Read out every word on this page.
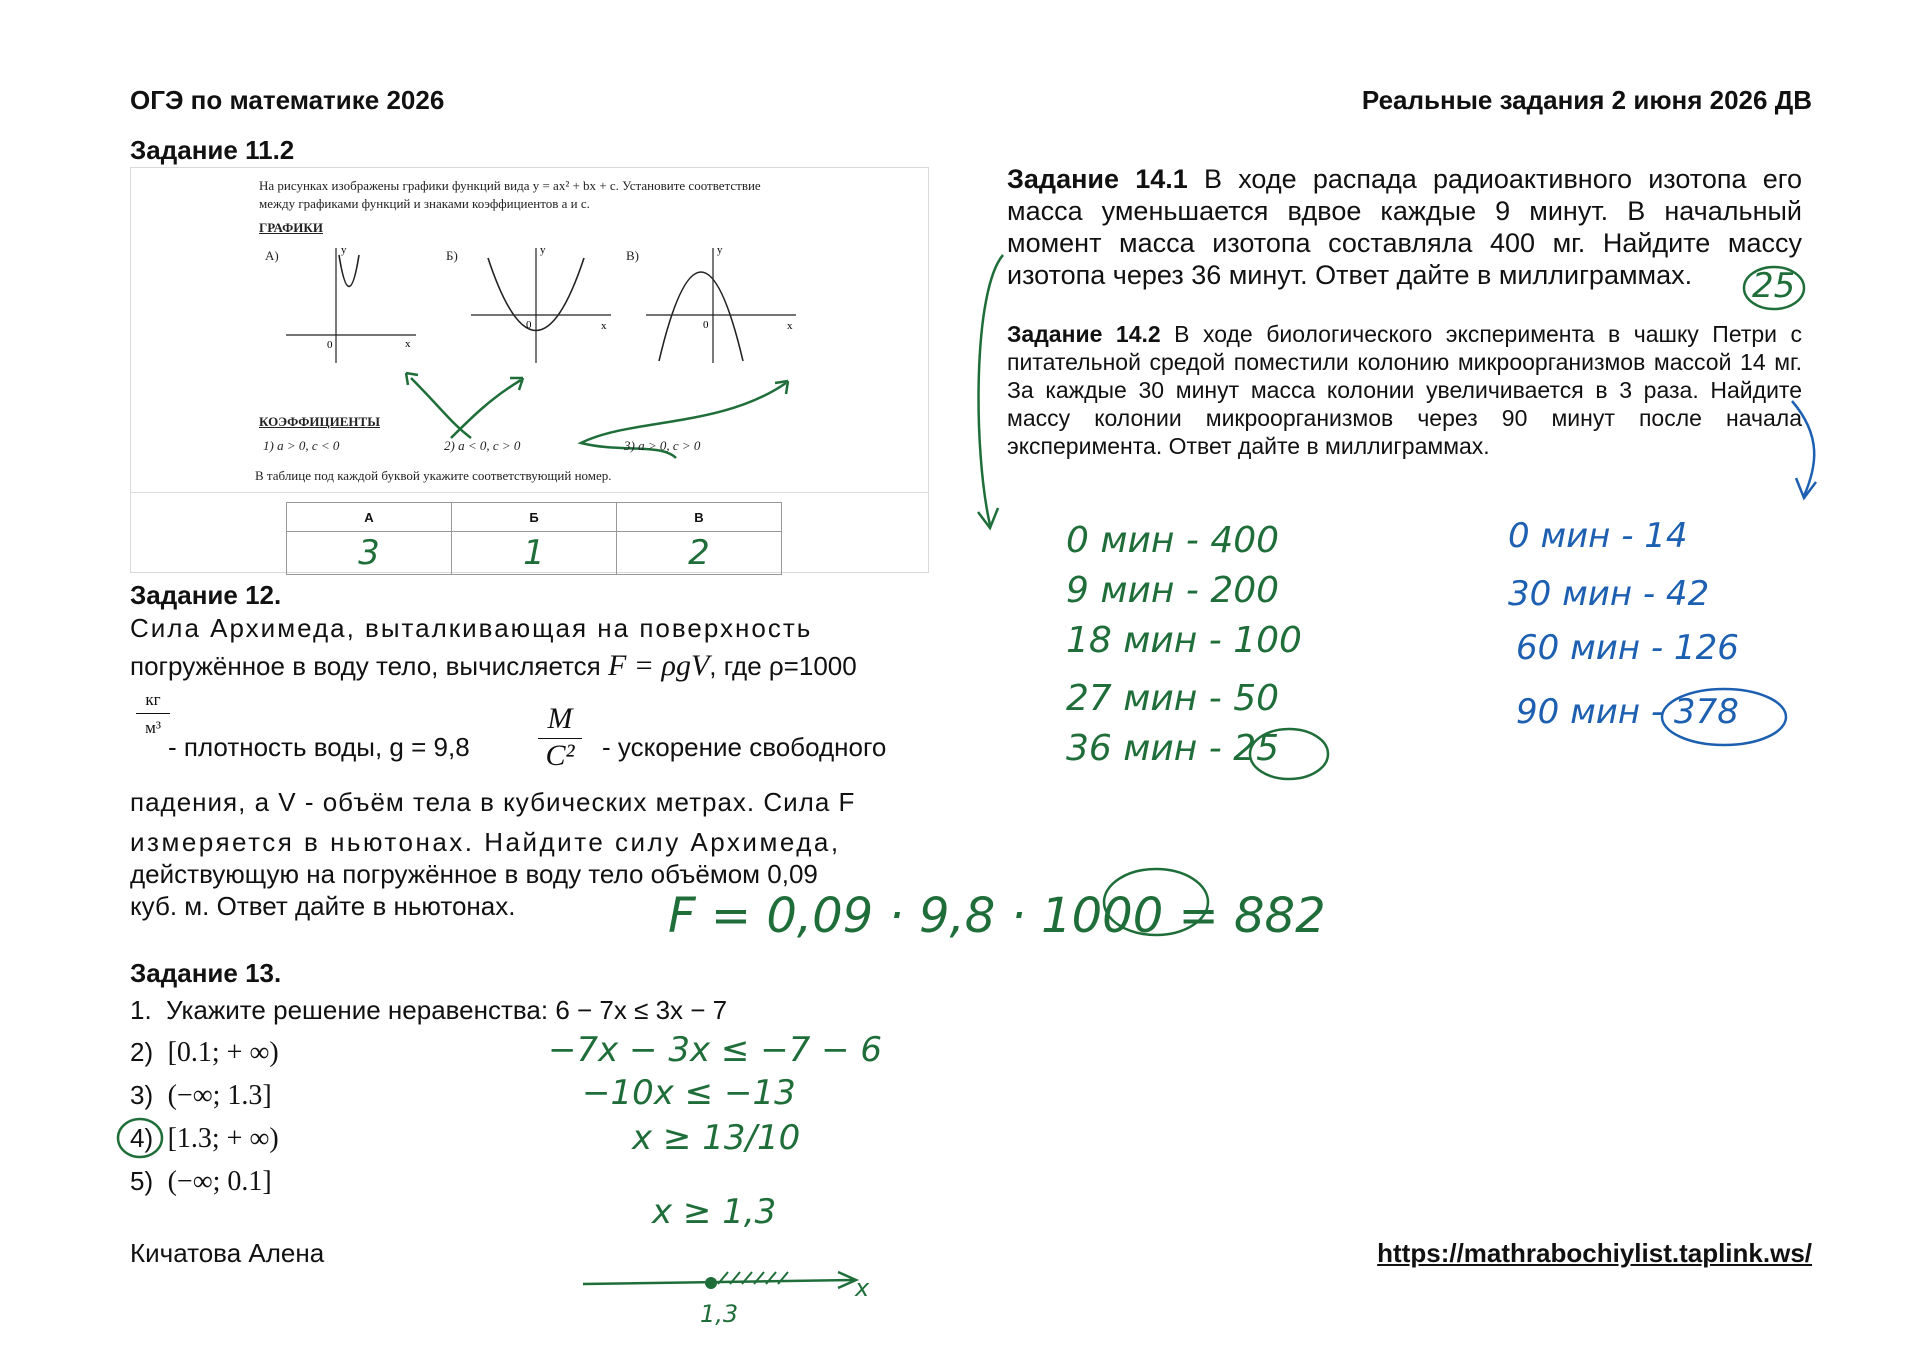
ОГЭ по математике 2026	Реальные задания 2 июня 2026 ДВ
Задание 11.2
На рисунках изображены графики функций вида y = ax² + bx + c. Установите соответствие
между графиками функций и знаками коэффициентов a и c.
ГРАФИКИ
А)	Б)	В)
y
x
0
y
x
0
y
x
0
КОЭФФИЦИЕНТЫ
1) a > 0, c < 0	2) a < 0, c > 0	3) a > 0, c > 0
В таблице под каждой буквой укажите соответствующий номер.
А	Б	В
3	1	2
Задание 12.
Сила Архимеда, выталкивающая на поверхность
погружённое в воду тело, вычисляется F = ρgV, где ρ=1000
кг
м³
- плотность воды, $g = 9,8 \frac{M}{\text{C²}}$ - ускорение свободного
падения, а V - объём тела в кубических метрах. Сила F
измеряется в ньютонах. Найдите силу Архимеда,
действующую на погружённое в воду тело объёмом 0,09
куб. м. Ответ дайте в ньютонах.	F = 0,09 · 9,8 · 1000 = 882
Задание 13.
1. Укажите решение неравенства: 6 − 7x ≤ 3x − 7
2) [0.1; + ∞)
3) (−∞; 1.3]
4) [1.3; + ∞)
5) (−∞; 0.1]
−7x − 3x ≤ −7 − 6
−10x ≤ −13
x ≥ 13/10
x ≥ 1,3
1,3
x
Задание 14.1 В ходе распада радиоактивного изотопа его масса уменьшается вдвое каждые 9 минут. В начальный момент масса изотопа составляла 400 мг. Найдите массу изотопа через 36 минут. Ответ дайте в миллиграммах.	25
Задание 14.2 В ходе биологического эксперимента в чашку Петри с питательной средой поместили колонию микроорганизмов массой 14 мг. За каждые 30 минут масса колонии увеличивается в 3 раза. Найдите массу колонии микроорганизмов через 90 минут после начала эксперимента. Ответ дайте в миллиграммах.
0 мин - 400
9 мин - 200
18 мин - 100
27 мин - 50
36 мин - 25
0 мин - 14
30 мин - 42
60 мин - 126
90 мин - 378
Кичатова Алена	https://mathrabochiylist.taplink.ws/
